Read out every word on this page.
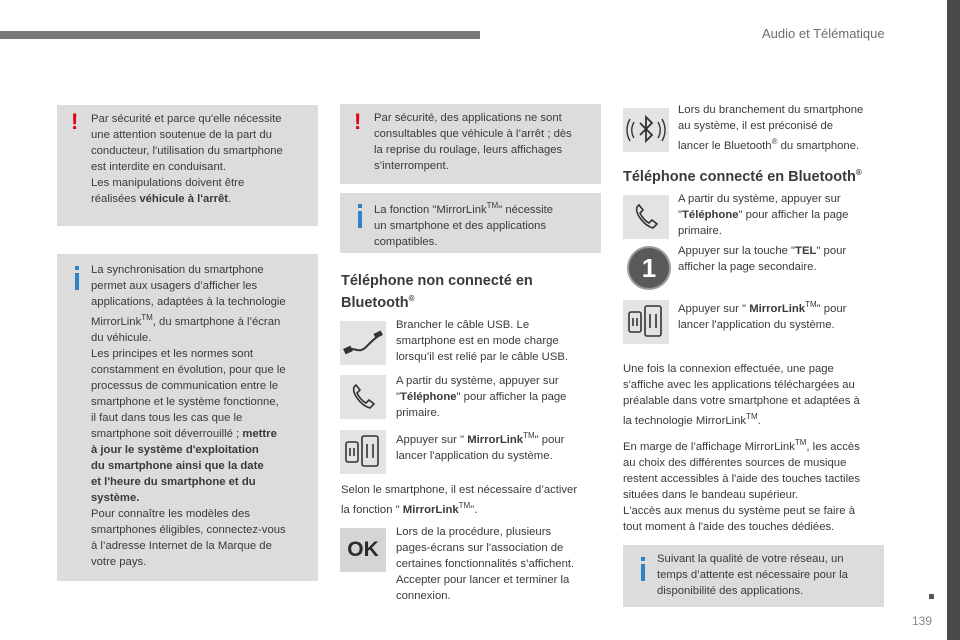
Audio et Télématique
139
! Par sécurité et parce qu'elle nécessite
une attention soutenue de la part du
conducteur, l'utilisation du smartphone
est interdite en conduisant.
Les manipulations doivent être
réalisées véhicule à l'arrêt.
La synchronisation du smartphone
permet aux usagers d’afficher les
applications, adaptées à la technologie
MirrorLink™, du smartphone à l’écran
du véhicule.
Les principes et les normes sont
constamment en évolution, pour que le
processus de communication entre le
smartphone et le système fonctionne,
il faut dans tous les cas que le
smartphone soit déverrouillé ; mettre
à jour le système d'exploitation
du smartphone ainsi que la date
et l'heure du smartphone et du
système.
Pour connaître les modèles des
smartphones éligibles, connectez-vous
à l’adresse Internet de la Marque de
votre pays.
! Par sécurité, des applications ne sont
consultables que véhicule à l’arrêt ; dès
la reprise du roulage, leurs affichages
s’interrompent.
La fonction "MirrorLink™" nécessite
un smartphone et des applications
compatibles.
Téléphone non connecté en
Bluetooth®
Brancher le câble USB. Le
smartphone est en mode charge
lorsqu’il est relié par le câble USB.
A partir du système, appuyer sur
"Téléphone" pour afficher la page
primaire.
Appuyer sur " MirrorLink™" pour
lancer l'application du système.
Selon le smartphone, il est nécessaire d’activer
la fonction " MirrorLink™".
OK
Lors de la procédure, plusieurs
pages-écrans sur l'association de
certaines fonctionnalités s’affichent.
Accepter pour lancer et terminer la
connexion.
Lors du branchement du smartphone
au système, il est préconisé de
lancer le Bluetooth® du smartphone.
Téléphone connecté en Bluetooth®
A partir du système, appuyer sur
"Téléphone" pour afficher la page
primaire.
1
Appuyer sur la touche "TEL" pour
afficher la page secondaire.
Appuyer sur " MirrorLink™" pour
lancer l'application du système.
Une fois la connexion effectuée, une page
s'affiche avec les applications téléchargées au
préalable dans votre smartphone et adaptées à
la technologie MirrorLink™.
En marge de l’affichage MirrorLink™, les accès
au choix des différentes sources de musique
restent accessibles à l'aide des touches tactiles
situées dans le bandeau supérieur.
L'accès aux menus du système peut se faire à
tout moment à l'aide des touches dédiées.
Suivant la qualité de votre réseau, un
temps d’attente est nécessaire pour la
disponibilité des applications.
